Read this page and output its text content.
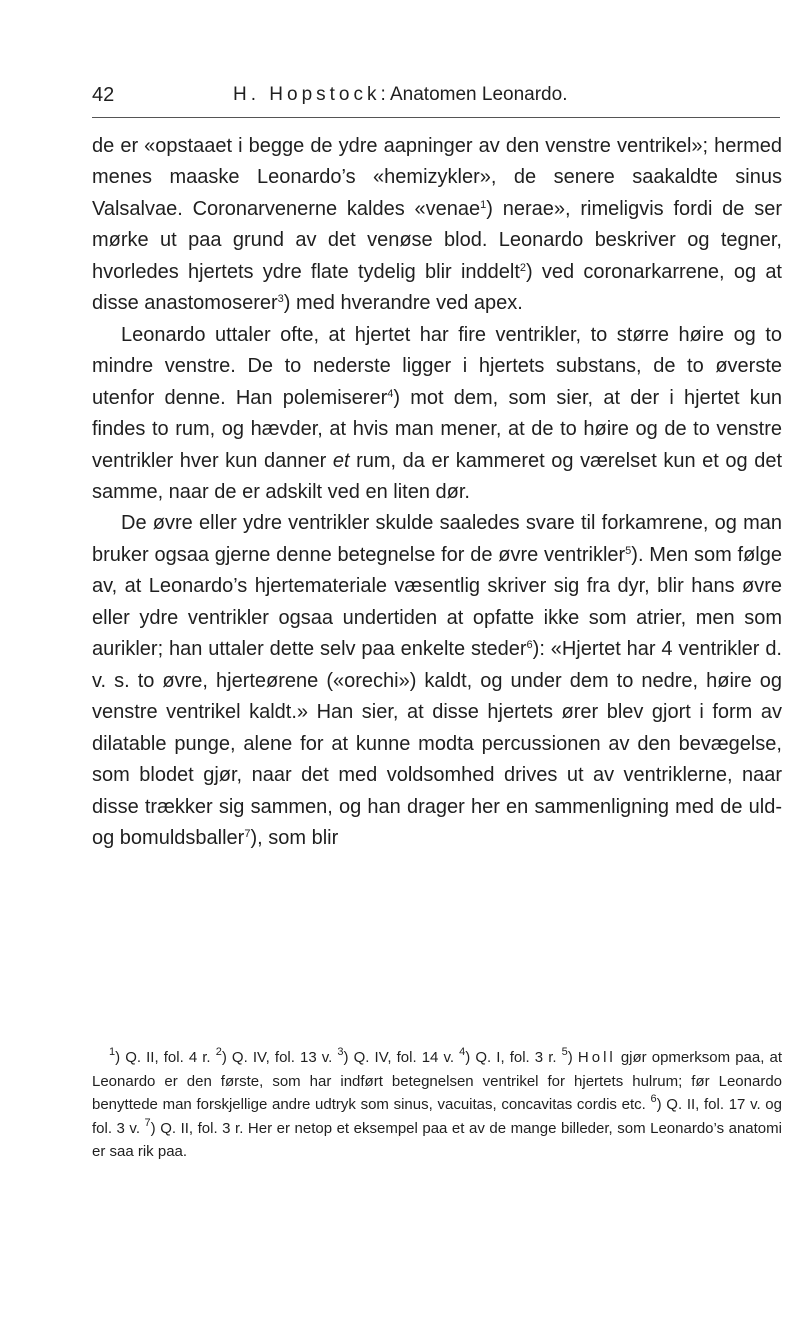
42	H. Hopstock: Anatomen Leonardo.

de er «opstaaet i begge de ydre aapninger av den venstre ventrikel»; hermed menes maaske Leonardo’s «hemizykler», de senere saakaldte sinus Valsalvae. Coronarvenerne kaldes «venae$^1$) nerae», rimeligvis fordi de ser mørke ut paa grund av det venøse blod. Leonardo beskriver og tegner, hvorledes hjertets ydre flate tydelig blir inddelt$^2$) ved coronarkarrene, og at disse anastomoserer$^3$) med hverandre ved apex.

Leonardo uttaler ofte, at hjertet har fire ventrikler, to større høire og to mindre venstre. De to nederste ligger i hjertets substans, de to øverste utenfor denne. Han polemiserer$^4$) mot dem, som sier, at der i hjertet kun findes to rum, og hævder, at hvis man mener, at de to høire og de to venstre ventrikler hver kun danner et rum, da er kammeret og værelset kun et og det samme, naar de er adskilt ved en liten dør.

De øvre eller ydre ventrikler skulde saaledes svare til forkamrene, og man bruker ogsaa gjerne denne betegnelse for de øvre ventrikler$^5$). Men som følge av, at Leonardo’s hjertemateriale væsentlig skriver sig fra dyr, blir hans øvre eller ydre ventrikler ogsaa undertiden at opfatte ikke som atrier, men som aurikler; han uttaler dette selv paa enkelte steder$^6$): «Hjertet har 4 ventrikler d. v. s. to øvre, hjerteørene («orechi») kaldt, og under dem to nedre, høire og venstre ventrikel kaldt.» Han sier, at disse hjertets ører blev gjort i form av dilatable punge, alene for at kunne modta percussionen av den bevægelse, som blodet gjør, naar det med voldsomhed drives ut av ventriklerne, naar disse trækker sig sammen, og han drager her en sammenligning med de uld- og bomuldsballer$^7$), som blir

$^1$) Q. II, fol. 4 r. $^2$) Q. IV, fol. 13 v. $^3$) Q. IV, fol. 14 v. $^4$) Q. I, fol. 3 r. $^5$) Holl gjør opmerksom paa, at Leonardo er den første, som har indført betegnelsen ventrikel for hjertets hulrum; før Leonardo benyttede man forskjellige andre udtryk som sinus, vacuitas, concavitas cordis etc. $^6$) Q. II, fol. 17 v. og fol. 3 v. $^7$) Q. II, fol. 3 r. Her er netop et eksempel paa et av de mange billeder, som Leonardo’s anatomi er saa rik paa.
